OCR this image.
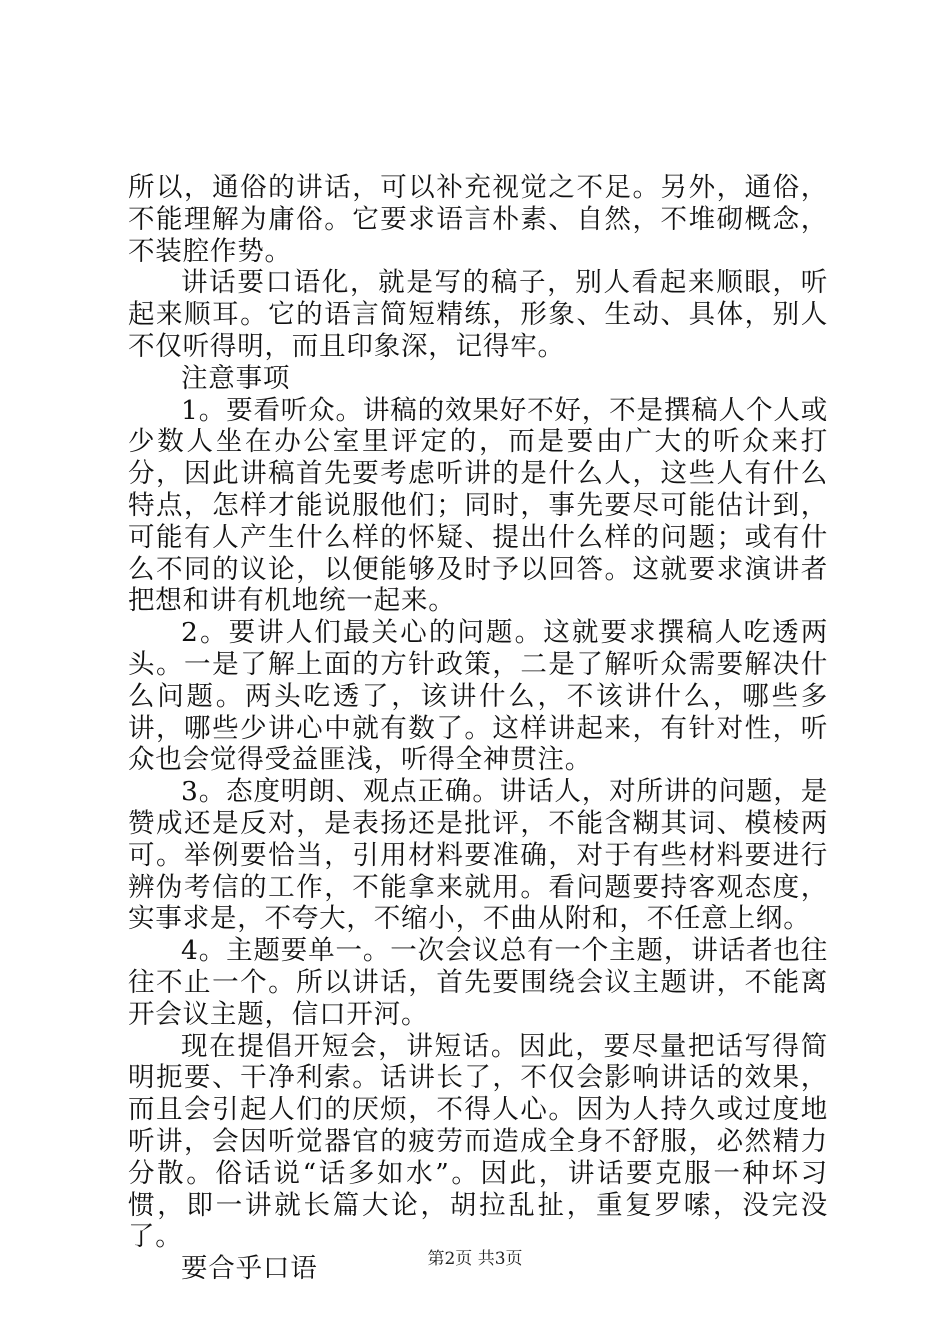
所以，通俗的讲话，可以补充视觉之不足。另外，通俗，不能理解为庸俗。它要求语言朴素、自然，不堆砌概念，不装腔作势。

讲话要口语化，就是写的稿子，别人看起来顺眼，听起来顺耳。它的语言简短精练，形象、生动、具体，别人不仅听得明，而且印象深，记得牢。

注意事项

1。要看听众。讲稿的效果好不好，不是撰稿人个人或少数人坐在办公室里评定的，而是要由广大的听众来打分，因此讲稿首先要考虑听讲的是什么人，这些人有什么特点，怎样才能说服他们；同时，事先要尽可能估计到，可能有人产生什么样的怀疑、提出什么样的问题；或有什么不同的议论，以便能够及时予以回答。这就要求演讲者把想和讲有机地统一起来。

2。要讲人们最关心的问题。这就要求撰稿人吃透两头。一是了解上面的方针政策，二是了解听众需要解决什么问题。两头吃透了，该讲什么，不该讲什么，哪些多讲，哪些少讲心中就有数了。这样讲起来，有针对性，听众也会觉得受益匪浅，听得全神贯注。

3。态度明朗、观点正确。讲话人，对所讲的问题，是赞成还是反对，是表扬还是批评，不能含糊其词、模棱两可。举例要恰当，引用材料要准确，对于有些材料要进行辨伪考信的工作，不能拿来就用。看问题要持客观态度，实事求是，不夸大，不缩小，不曲从附和，不任意上纲。

4。主题要单一。一次会议总有一个主题，讲话者也往往不止一个。所以讲话，首先要围绕会议主题讲，不能离开会议主题，信口开河。

现在提倡开短会，讲短话。因此，要尽量把话写得简明扼要、干净利索。话讲长了，不仅会影响讲话的效果，而且会引起人们的厌烦，不得人心。因为人持久或过度地听讲，会因听觉器官的疲劳而造成全身不舒服，必然精力分散。俗话说“话多如水”。因此，讲话要克服一种坏习惯，即一讲就长篇大论，胡拉乱扯，重复罗嗦，没完没了。

要合乎口语	第2页 共3页
